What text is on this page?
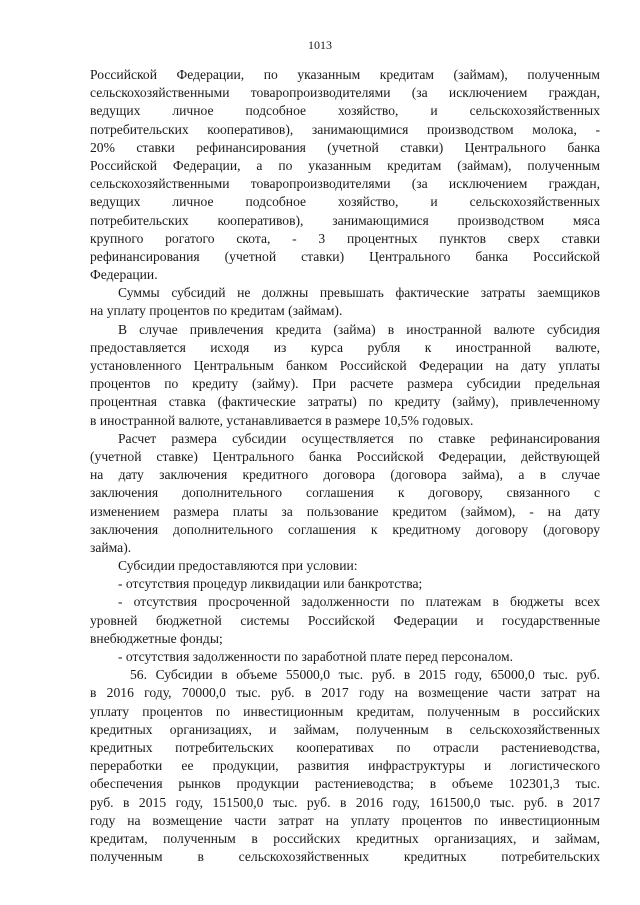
1013
Российской Федерации, по указанным кредитам (займам), полученным
сельскохозяйственными товаропроизводителями (за исключением граждан,
ведущих личное подсобное хозяйство, и сельскохозяйственных
потребительских кооперативов), занимающимися производством молока, -
20% ставки рефинансирования (учетной ставки) Центрального банка
Российской Федерации, а по указанным кредитам (займам), полученным
сельскохозяйственными товаропроизводителями (за исключением граждан,
ведущих личное подсобное хозяйство, и сельскохозяйственных
потребительских кооперативов), занимающимися производством мяса
крупного рогатого скота, - 3 процентных пунктов сверх ставки
рефинансирования (учетной ставки) Центрального банка Российской
Федерации.
Суммы субсидий не должны превышать фактические затраты заемщиков
на уплату процентов по кредитам (займам).
В случае привлечения кредита (займа) в иностранной валюте субсидия
предоставляется исходя из курса рубля к иностранной валюте,
установленного Центральным банком Российской Федерации на дату уплаты
процентов по кредиту (займу). При расчете размера субсидии предельная
процентная ставка (фактические затраты) по кредиту (займу), привлеченному
в иностранной валюте, устанавливается в размере 10,5% годовых.
Расчет размера субсидии осуществляется по ставке рефинансирования
(учетной ставке) Центрального банка Российской Федерации, действующей
на дату заключения кредитного договора (договора займа), а в случае
заключения дополнительного соглашения к договору, связанного с
изменением размера платы за пользование кредитом (займом), - на дату
заключения дополнительного соглашения к кредитному договору (договору
займа).
Субсидии предоставляются при условии:
- отсутствия процедур ликвидации или банкротства;
- отсутствия просроченной задолженности по платежам в бюджеты всех
уровней бюджетной системы Российской Федерации и государственные
внебюджетные фонды;
- отсутствия задолженности по заработной плате перед персоналом.
56. Субсидии в объеме 55000,0 тыс. руб. в 2015 году, 65000,0 тыс. руб.
в 2016 году, 70000,0 тыс. руб. в 2017 году на возмещение части затрат на
уплату процентов по инвестиционным кредитам, полученным в российских
кредитных организациях, и займам, полученным в сельскохозяйственных
кредитных потребительских кооперативах по отрасли растениеводства,
переработки ее продукции, развития инфраструктуры и логистического
обеспечения рынков продукции растениеводства; в объеме 102301,3 тыс.
руб. в 2015 году, 151500,0 тыс. руб. в 2016 году, 161500,0 тыс. руб. в 2017
году на возмещение части затрат на уплату процентов по инвестиционным
кредитам, полученным в российских кредитных организациях, и займам,
полученным в сельскохозяйственных кредитных потребительских
